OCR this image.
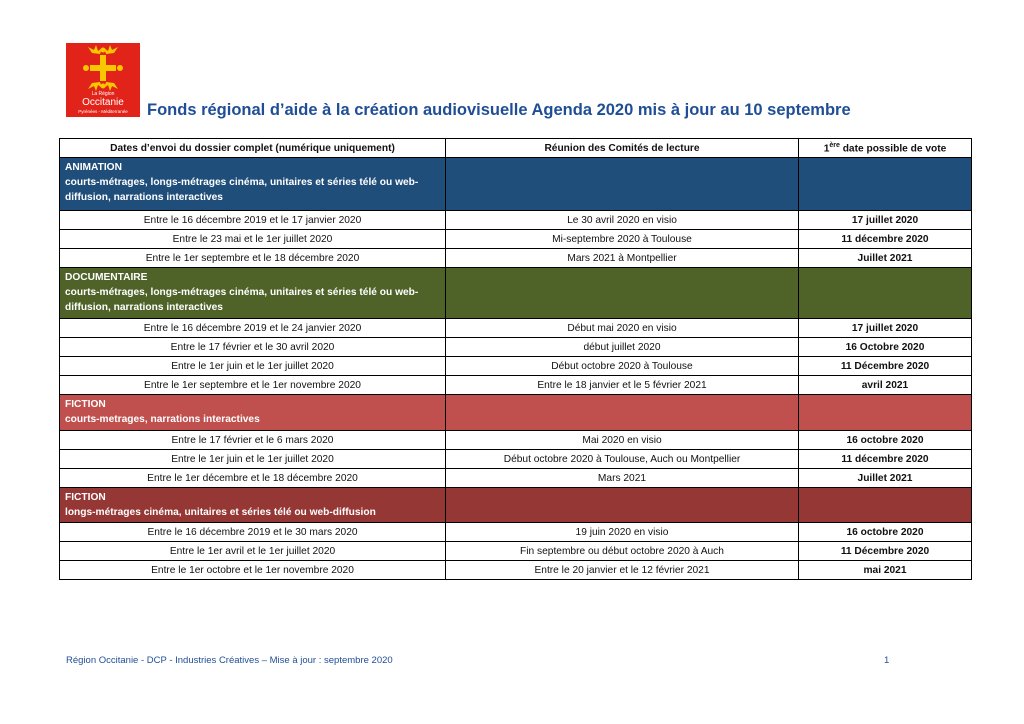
La Région
Occitanie
Pyrénées - Méditerranée	Fonds régional d’aide à la création audiovisuelle Agenda 2020 mis à jour au 10 septembre
Dates d’envoi du dossier complet (numérique uniquement)	Réunion des Comités de lecture	1ère date possible de vote

ANIMATION
courts-métrages, longs-métrages cinéma, unitaires et séries télé ou web-diffusion, narrations interactives		

Entre le 16 décembre 2019 et le 17 janvier 2020	Le 30 avril 2020 en visio	17 juillet 2020
Entre le 23 mai et le 1er juillet 2020	Mi-septembre 2020 à Toulouse	11 décembre 2020
Entre le 1er septembre et le 18 décembre 2020	Mars 2021 à Montpellier	Juillet 2021

DOCUMENTAIRE
courts-métrages, longs-métrages cinéma, unitaires et séries télé ou web-diffusion, narrations interactives		

Entre le 16 décembre 2019 et le 24 janvier 2020	Début mai 2020 en visio	17 juillet 2020
Entre le 17 février et le 30 avril 2020	début juillet 2020	16 Octobre 2020
Entre le 1er juin et le 1er juillet 2020	Début octobre 2020 à Toulouse	11 Décembre 2020
Entre le 1er septembre et le 1er novembre 2020	Entre le 18 janvier et le 5 février 2021	avril 2021

FICTION
courts-metrages, narrations interactives		

Entre le 17 février et le 6 mars 2020	Mai 2020 en visio	16 octobre 2020
Entre le 1er juin et le 1er juillet 2020	Début octobre 2020 à Toulouse, Auch ou Montpellier	11 décembre 2020
Entre le 1er décembre et le 18 décembre 2020	Mars 2021	Juillet 2021

FICTION
longs-métrages cinéma, unitaires et séries télé ou web-diffusion		

Entre le 16 décembre 2019 et le 30 mars 2020	19 juin 2020 en visio	16 octobre 2020
Entre le 1er avril et le 1er juillet 2020	Fin septembre ou début octobre 2020 à Auch	11 Décembre 2020
Entre le 1er octobre et le 1er novembre 2020	Entre le 20 janvier et le 12 février 2021	mai 2021
Région Occitanie - DCP - Industries Créatives – Mise à jour : septembre 2020	1
